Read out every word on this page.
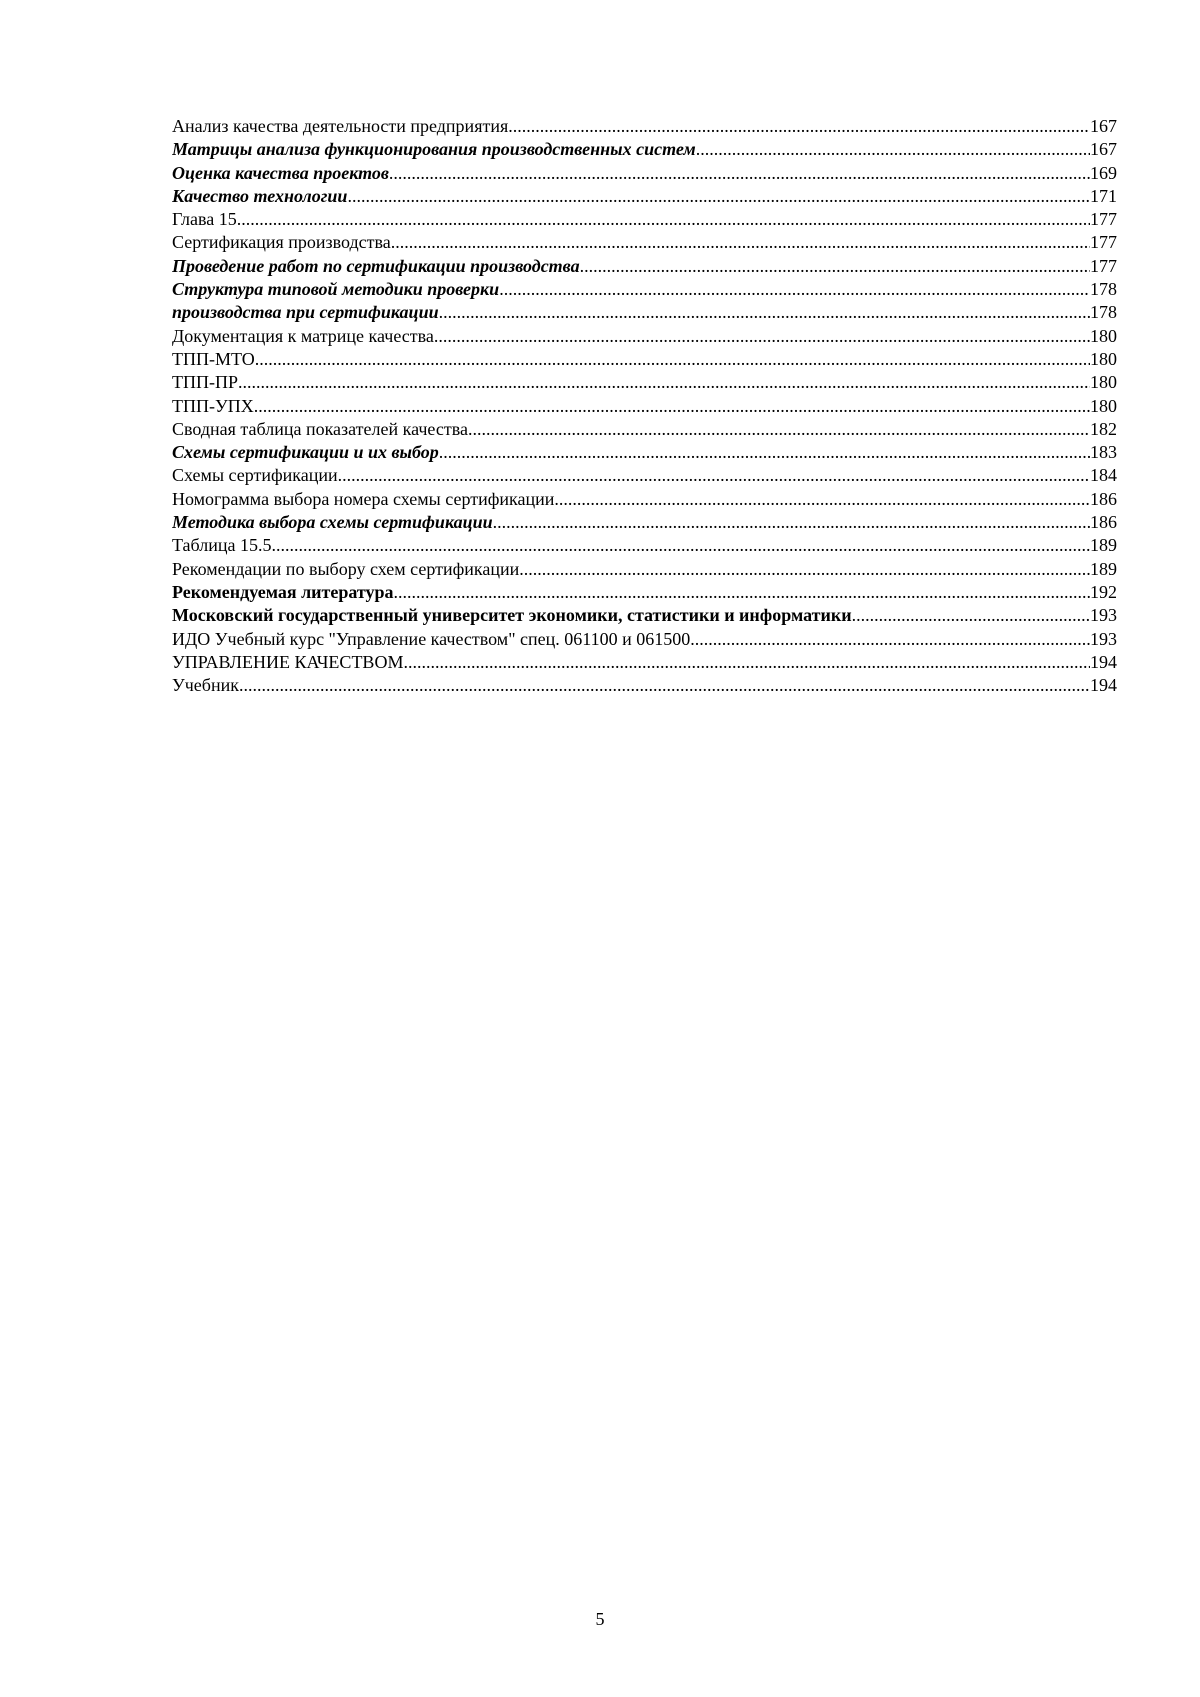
Анализ качества деятельности предприятия .....	167
Матрицы анализа функционирования производственных систем .....	167
Оценка качества проектов .....	169
Качество технологии .....	171
Глава 15. .....	177
Сертификация производства .....	177
Проведение работ по сертификации производства .....	177
Структура типовой методики проверки .....	178
производства при сертификации .....	178
Документация к матрице качества .....	180
ТПП-МТО .....	180
ТПП-ПР .....	180
ТПП-УПХ .....	180
Сводная таблица показателей качества .....	182
Схемы сертификации и их выбор .....	183
Схемы сертификации .....	184
Номограмма выбора номера схемы сертификации .....	186
Методика выбора схемы сертификации .....	186
Таблица 15.5. .....	189
Рекомендации по выбору схем сертификации .....	189
Рекомендуемая литература .....	192
Московский государственный университет экономики, статистики и информатики .....	193
ИДО Учебный курс "Управление качеством" спец. 061100 и 061500. .....	193
УПРАВЛЕНИЕ КАЧЕСТВОМ .....	194
Учебник .....	194
5
